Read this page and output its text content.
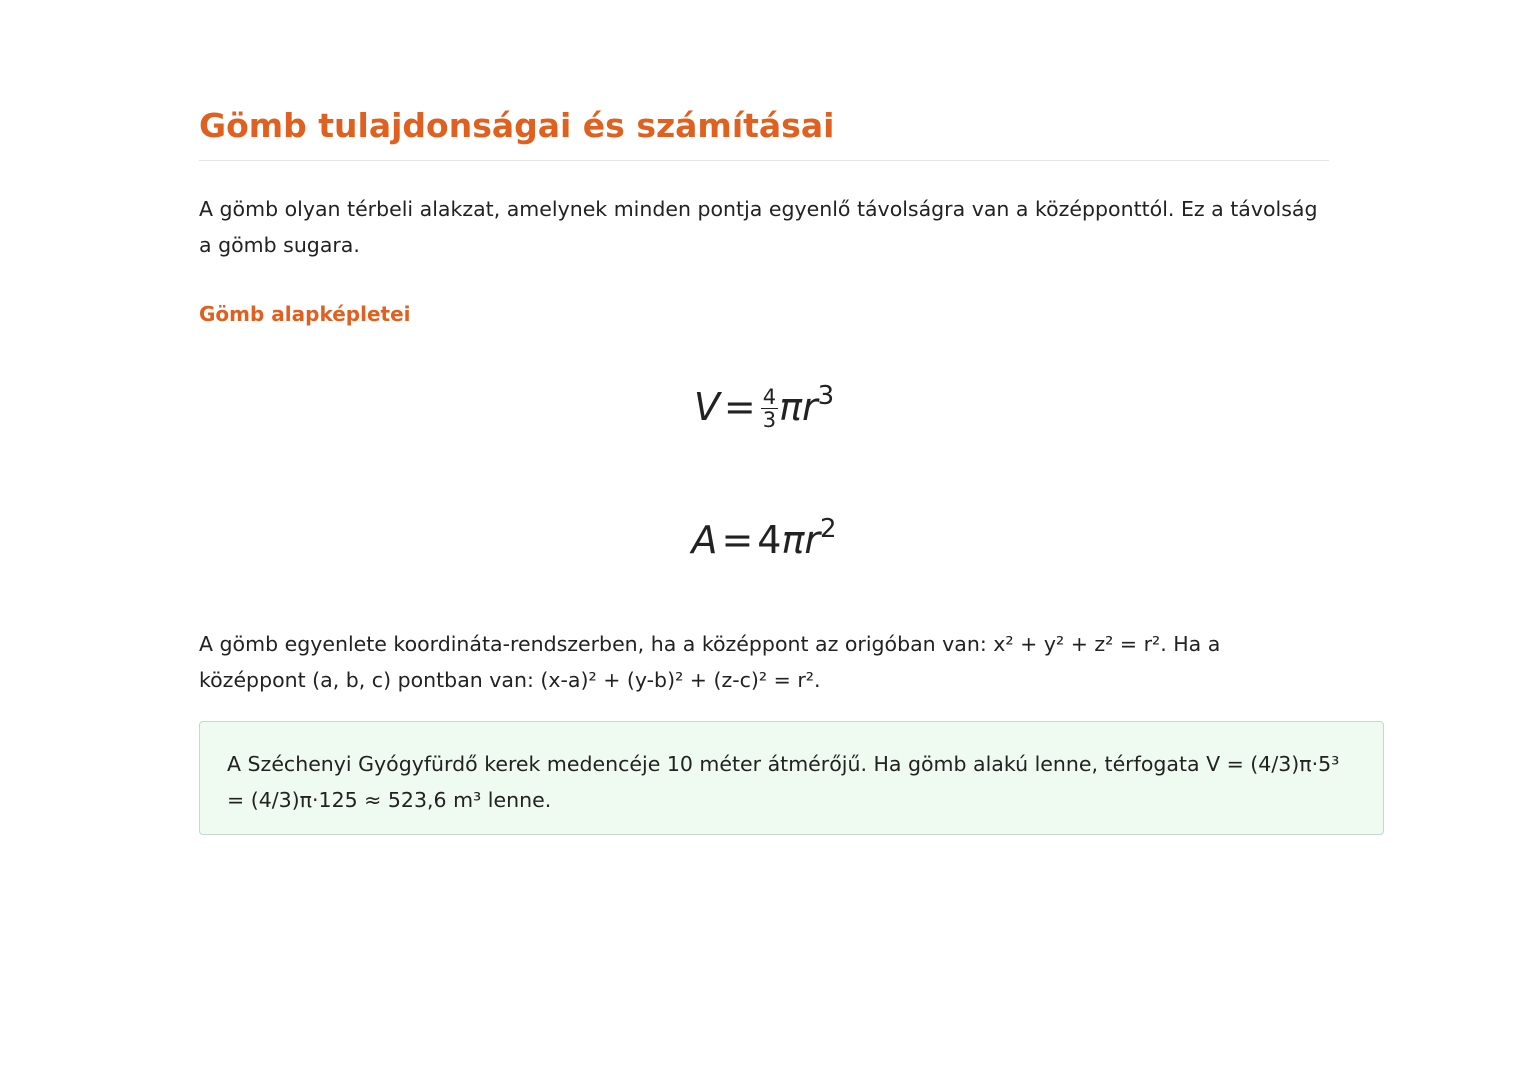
Gömb tulajdonságai és számításai

A gömb olyan térbeli alakzat, amelynek minden pontja egyenlő távolságra van a középponttól. Ez a távolság a gömb sugara.

Gömb alapképletei
$V = \frac{4}{3} \pi r^3$
$A = 4\pi r^2$

A gömb egyenlete koordináta-rendszerben, ha a középpont az origóban van: x² + y² + z² = r². Ha a középpont (a, b, c) pontban van: (x-a)² + (y-b)² + (z-c)² = r².

A Széchenyi Gyógyfürdő kerek medencéje 10 méter átmérőjű. Ha gömb alakú lenne, térfogata V = (4/3)π·5³ = (4/3)π·125 ≈ 523,6 m³ lenne.
